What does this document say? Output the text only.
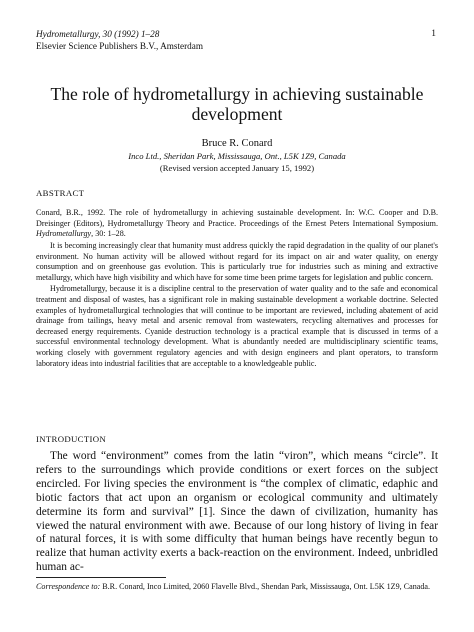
Hydrometallurgy, 30 (1992) 1–28
Elsevier Science Publishers B.V., Amsterdam
1
The role of hydrometallurgy in achieving sustainable development
Bruce R. Conard
Inco Ltd., Sheridan Park, Mississauga, Ont., L5K 1Z9, Canada
(Revised version accepted January 15, 1992)
ABSTRACT
Conard, B.R., 1992. The role of hydrometallurgy in achieving sustainable development. In: W.C. Cooper and D.B. Dreisinger (Editors), Hydrometallurgy Theory and Practice. Proceedings of the Ernest Peters International Symposium. Hydrometallurgy, 30: 1–28.

It is becoming increasingly clear that humanity must address quickly the rapid degradation in the quality of our planet's environment. No human activity will be allowed without regard for its impact on air and water quality, on energy consumption and on greenhouse gas evolution. This is particularly true for industries such as mining and extractive metallurgy, which have high visibility and which have for some time been prime targets for legislation and public concern.

Hydrometallurgy, because it is a discipline central to the preservation of water quality and to the safe and economical treatment and disposal of wastes, has a significant role in making sustainable development a workable doctrine. Selected examples of hydrometallurgical technologies that will continue to be important are reviewed, including abatement of acid drainage from tailings, heavy metal and arsenic removal from wastewaters, recycling alternatives and processes for decreased energy requirements. Cyanide destruction technology is a practical example that is discussed in terms of a successful environmental technology development. What is abundantly needed are multidisciplinary scientific teams, working closely with government regulatory agencies and with design engineers and plant operators, to transform laboratory ideas into industrial facilities that are acceptable to a knowledgeable public.

INTRODUCTION
The word “environment” comes from the latin “viron”, which means “circle”. It refers to the surroundings which provide conditions or exert forces on the subject encircled. For living species the environment is “the complex of climatic, edaphic and biotic factors that act upon an organism or ecological community and ultimately determine its form and survival” [1]. Since the dawn of civilization, humanity has viewed the natural environment with awe. Because of our long history of living in fear of natural forces, it is with some difficulty that human beings have recently begun to realize that human activity exerts a back-reaction on the environment. Indeed, unbridled human ac-
Correspondence to: B.R. Conard, Inco Limited, 2060 Flavelle Blvd., Shendan Park, Mississauga, Ont. L5K 1Z9, Canada.
